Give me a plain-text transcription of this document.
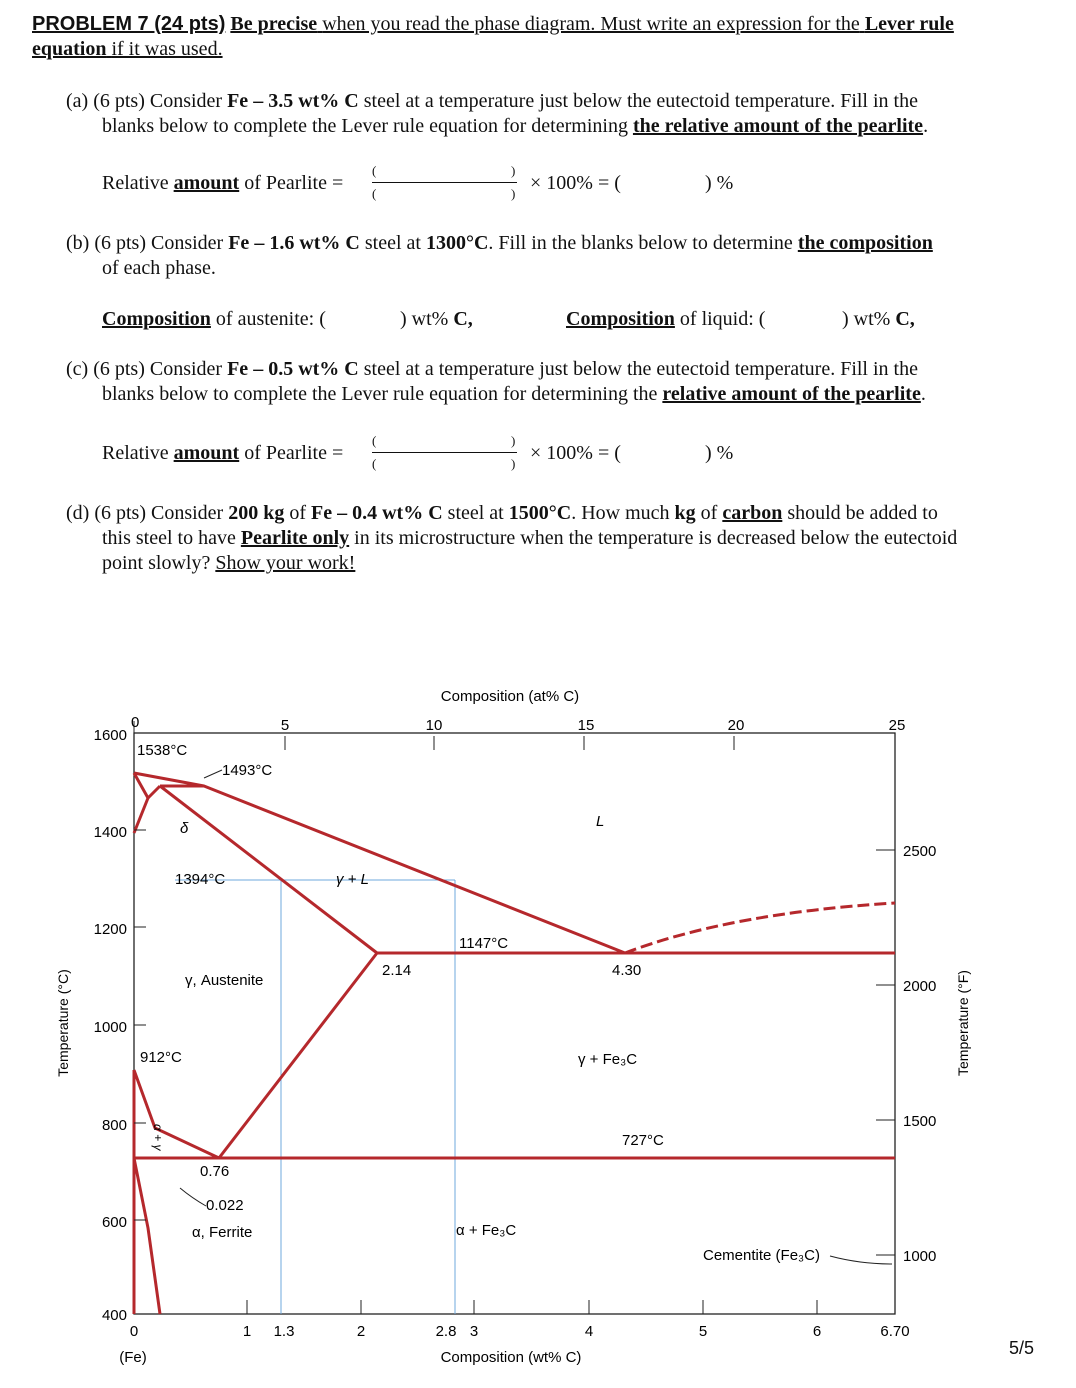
PROBLEM 7 (24 pts) Be precise when you read the phase diagram. Must write an expression for the Lever rule
equation if it was used.
(a) (6 pts) Consider Fe – 3.5 wt% C steel at a temperature just below the eutectoid temperature. Fill in the
blanks below to complete the Lever rule equation for determining the relative amount of the pearlite.
Relative amount of Pearlite =
(	)
(	) × 100% = (	) %
(b) (6 pts) Consider Fe – 1.6 wt% C steel at 1300°C. Fill in the blanks below to determine the composition
of each phase.
Composition of austenite: (	) wt% C,	Composition of liquid: (	) wt% C,
(c) (6 pts) Consider Fe – 0.5 wt% C steel at a temperature just below the eutectoid temperature. Fill in the
blanks below to complete the Lever rule equation for determining the relative amount of the pearlite.
Relative amount of Pearlite =
(	)
(	) × 100% = (	) %
(d) (6 pts) Consider 200 kg of Fe – 0.4 wt% C steel at 1500°C. How much kg of carbon should be added to
this steel to have Pearlite only in its microstructure when the temperature is decreased below the eutectoid
point slowly? Show your work!
Composition (at% C)
0	5	10	15	20	25
1600
1400
1200
1000
800
600
400
Temperature (°C)
2500
2000
1500
1000
Temperature (°F)
0	1 1.3	2	2.8 3	4	5	6	6.70
(Fe)	Composition (wt% C)
1538°C
1493°C
δ
1394°C	γ + L
L
1147°C
2.14	4.30
γ, Austenite
912°C	γ + Fe₃C
α + γ	727°C
0.76
0.022
α, Ferrite	α + Fe₃C
Cementite (Fe₃C)
5/5
